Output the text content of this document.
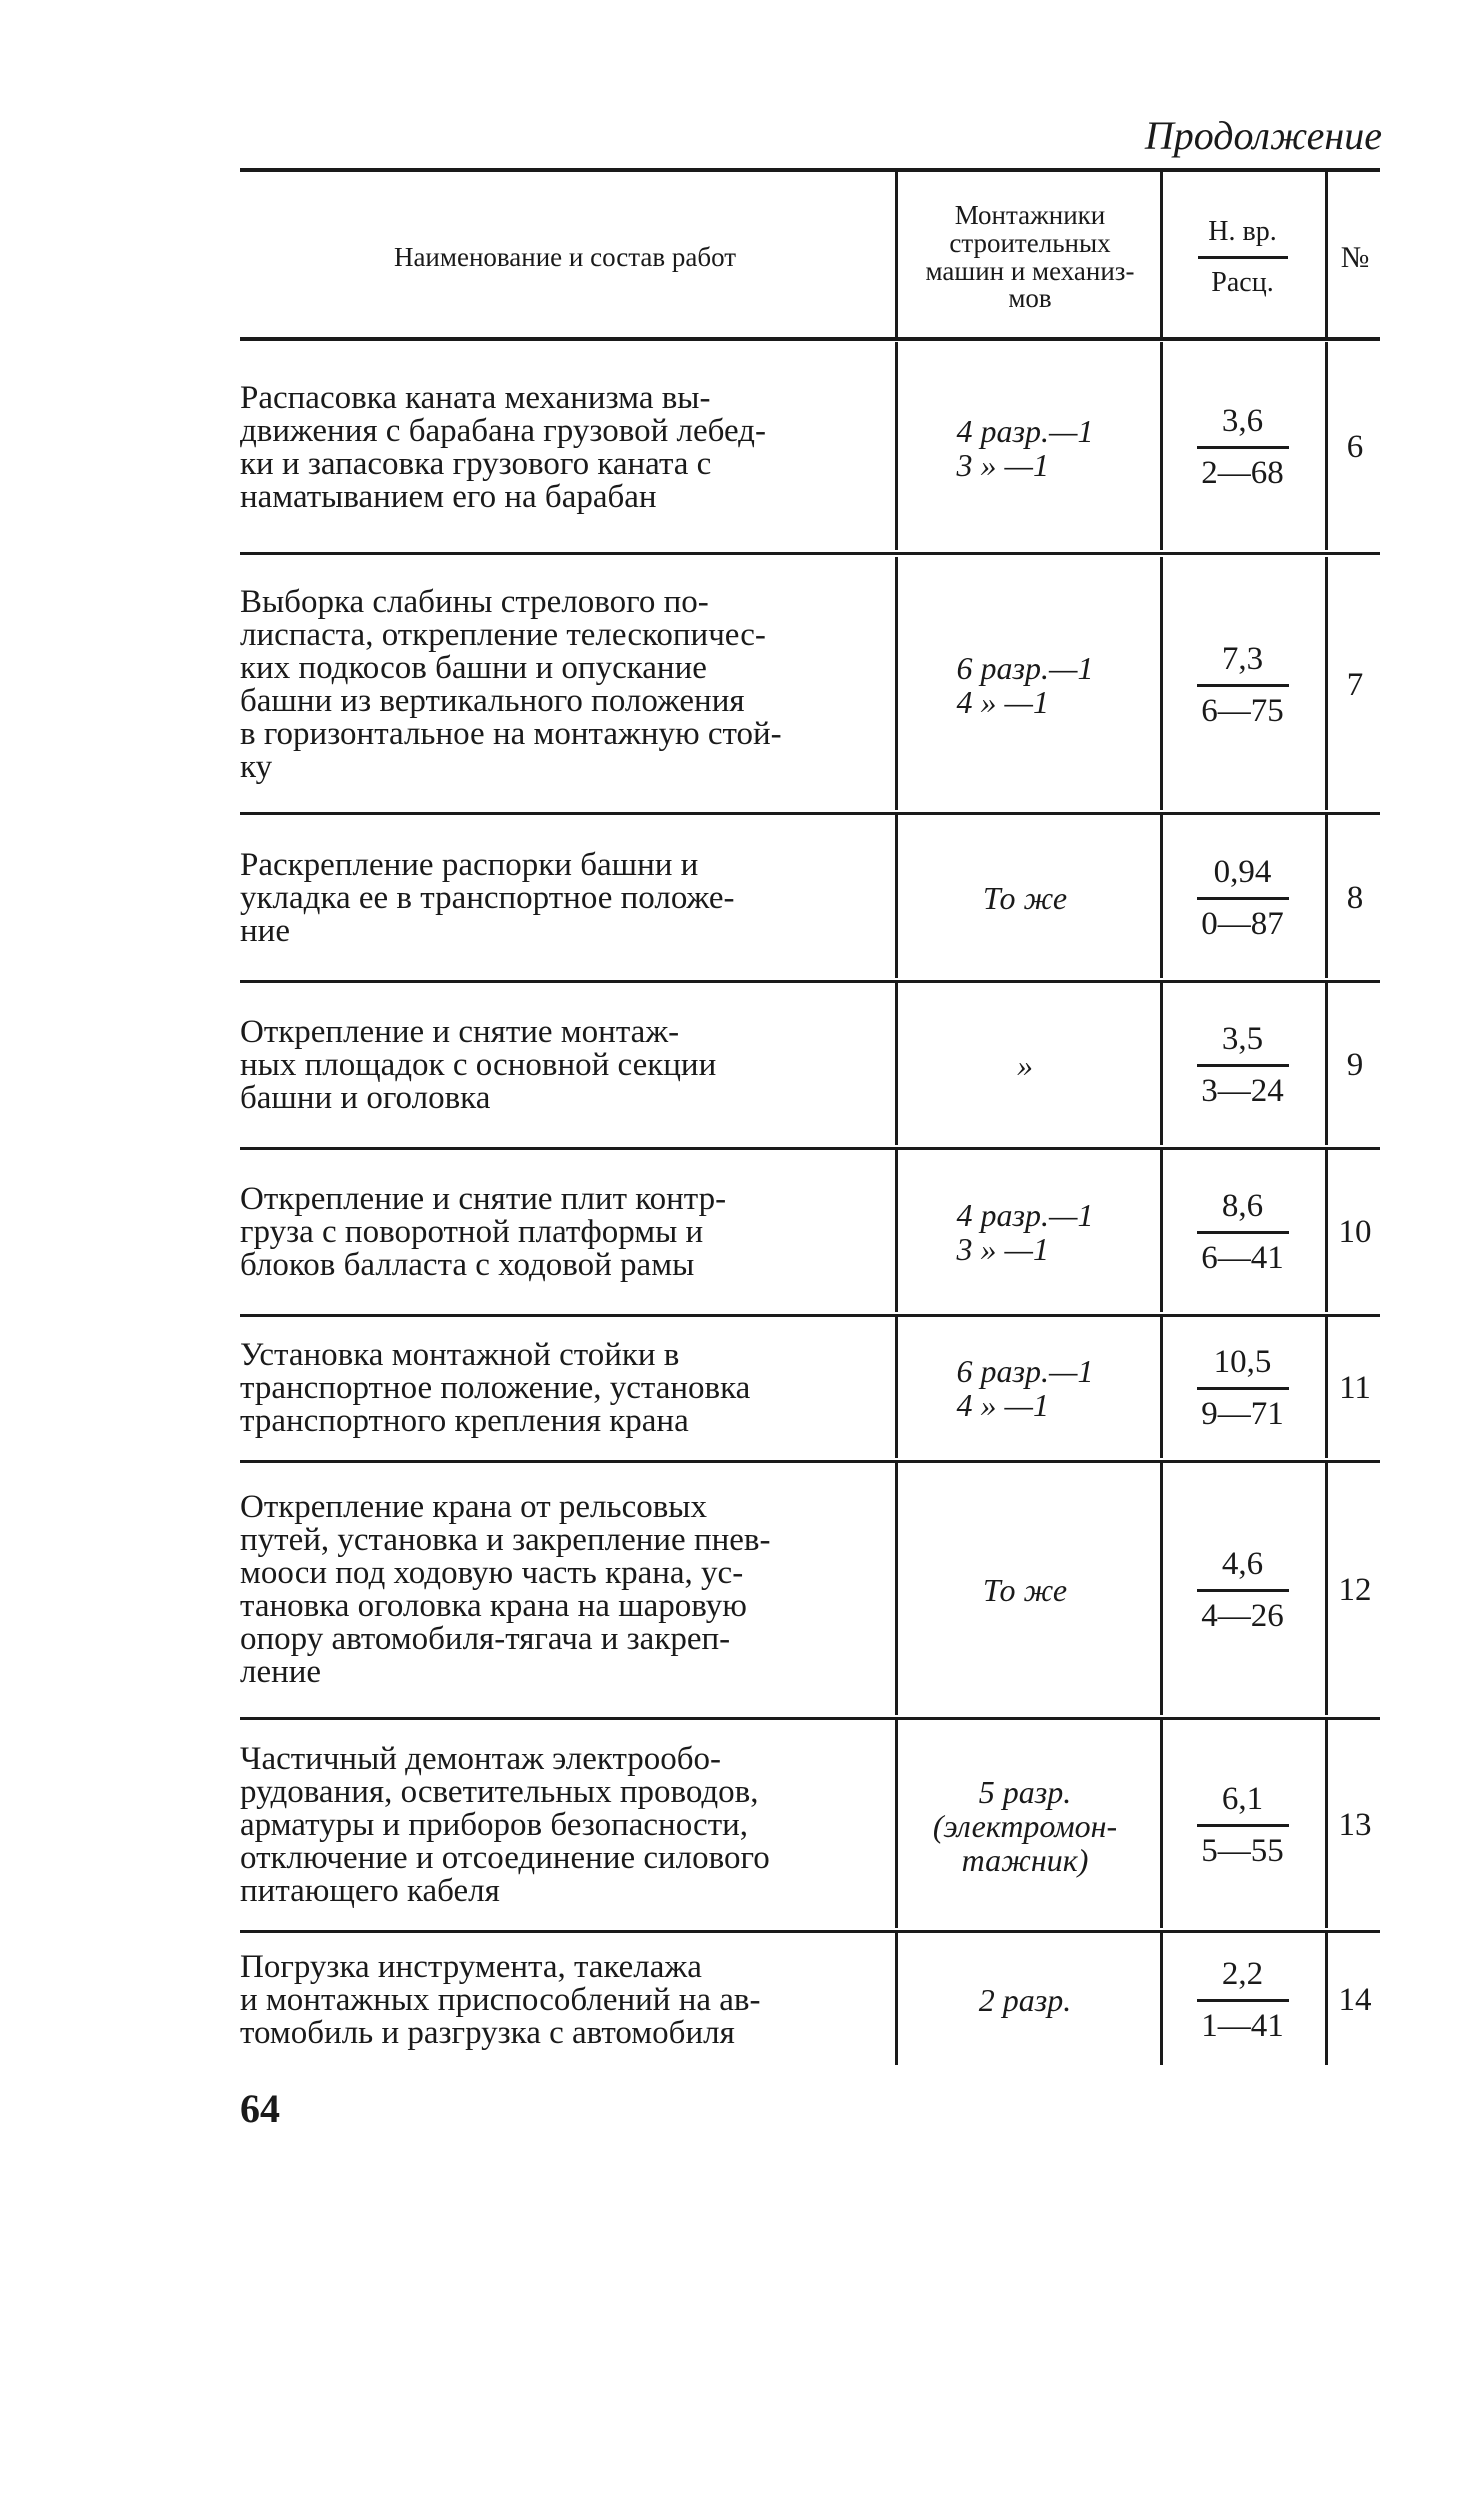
Продолжение
Наименование и состав работ
Монтажники
строительных
машин и механиз-
мов
Н. вр.
Расц.
№
Распасовка каната механизма вы-
движения с барабана грузовой лебед-
ки и запасовка грузового каната с
наматыванием его на барабан
4 разр.—1
3 » —1
3,6
2—68
6
Выборка слабины стрелового по-
лиспаста, открепление телескопичес-
ких подкосов башни и опускание
башни из вертикального положения
в горизонтальное на монтажную стой-
ку
6 разр.—1
4 » —1
7,3
6—75
7
Раскрепление распорки башни и
укладка ее в транспортное положе-
ние
То же
0,94
0—87
8
Открепление и снятие монтаж-
ных площадок с основной секции
башни и оголовка
»
3,5
3—24
9
Открепление и снятие плит контр-
груза с поворотной платформы и
блоков балласта с ходовой рамы
4 разр.—1
3 » —1
8,6
6—41
10
Установка монтажной стойки в
транспортное положение, установка
транспортного крепления крана
6 разр.—1
4 » —1
10,5
9—71
11
Открепление крана от рельсовых
путей, установка и закрепление пнев-
мооси под ходовую часть крана, ус-
тановка оголовка крана на шаровую
опору автомобиля-тягача и закреп-
ление
То же
4,6
4—26
12
Частичный демонтаж электрообо-
рудования, осветительных проводов,
арматуры и приборов безопасности,
отключение и отсоединение силового
питающего кабеля
5 разр.
(электромон-
тажник)
6,1
5—55
13
Погрузка инструмента, такелажа
и монтажных приспособлений на ав-
томобиль и разгрузка с автомобиля
2 разр.
2,2
1—41
14
64
